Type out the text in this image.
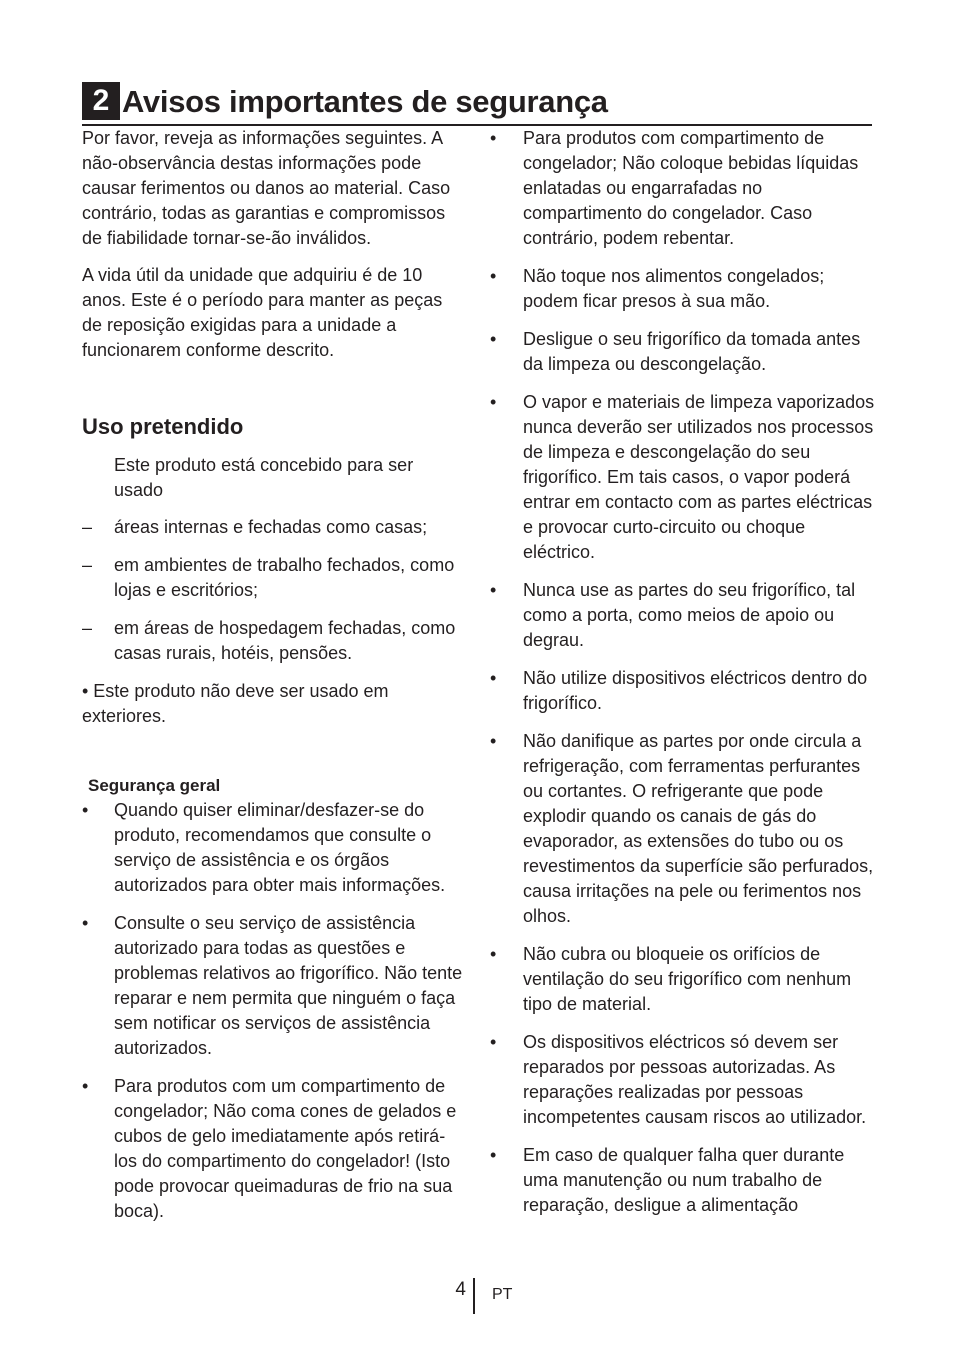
2 Avisos importantes de segurança

Por favor, reveja as informações seguintes. A não-observância destas informações pode causar ferimentos ou danos ao material. Caso contrário, todas as garantias e compromissos de fiabilidade tornar-se-ão inválidos.

A vida útil da unidade que adquiriu é de 10 anos. Este é o período para manter as peças de reposição exigidas para a unidade a funcionarem conforme descrito.

Uso pretendido
Este produto está concebido para ser usado
–	áreas internas e fechadas como casas;
–	em ambientes de trabalho fechados, como lojas e escritórios;
–	em áreas de hospedagem fechadas, como casas rurais, hotéis, pensões.

• Este produto não deve ser usado em exteriores.

Segurança geral
•	Quando quiser eliminar/desfazer-se do produto, recomendamos que consulte o serviço de assistência e os órgãos autorizados para obter mais informações.
•	Consulte o seu serviço de assistência autorizado para todas as questões e problemas relativos ao frigorífico. Não tente reparar e nem permita que ninguém o faça sem notificar os serviços de assistência autorizados.
•	Para produtos com um compartimento de congelador; Não coma cones de gelados e cubos de gelo imediatamente após retirá-los do compartimento do congelador! (Isto pode provocar queimaduras de frio na sua boca).
•	Para produtos com compartimento de congelador; Não coloque bebidas líquidas enlatadas ou engarrafadas no compartimento do congelador. Caso contrário, podem rebentar.
•	Não toque nos alimentos congelados; podem ficar presos à sua mão.
•	Desligue o seu frigorífico da tomada antes da limpeza ou descongelação.
•	O vapor e materiais de limpeza vaporizados nunca deverão ser utilizados nos processos de limpeza e descongelação do seu frigorífico. Em tais casos, o vapor poderá entrar em contacto com as partes eléctricas e provocar curto-circuito ou choque eléctrico.
•	Nunca use as partes do seu frigorífico, tal como a porta, como meios de apoio ou degrau.
•	Não utilize dispositivos eléctricos dentro do frigorífico.
•	Não danifique as partes por onde circula a refrigeração, com ferramentas perfurantes ou cortantes. O refrigerante que pode explodir quando os canais de gás do evaporador, as extensões do tubo ou os revestimentos da superfície são perfurados, causa irritações na pele ou ferimentos nos olhos.
•	Não cubra ou bloqueie os orifícios de ventilação do seu frigorífico com nenhum tipo de material.
•	Os dispositivos eléctricos só devem ser reparados por pessoas autorizadas. As reparações realizadas por pessoas incompetentes causam riscos ao utilizador.
•	Em caso de qualquer falha quer durante uma manutenção ou num trabalho de reparação, desligue a alimentação
4 PT
